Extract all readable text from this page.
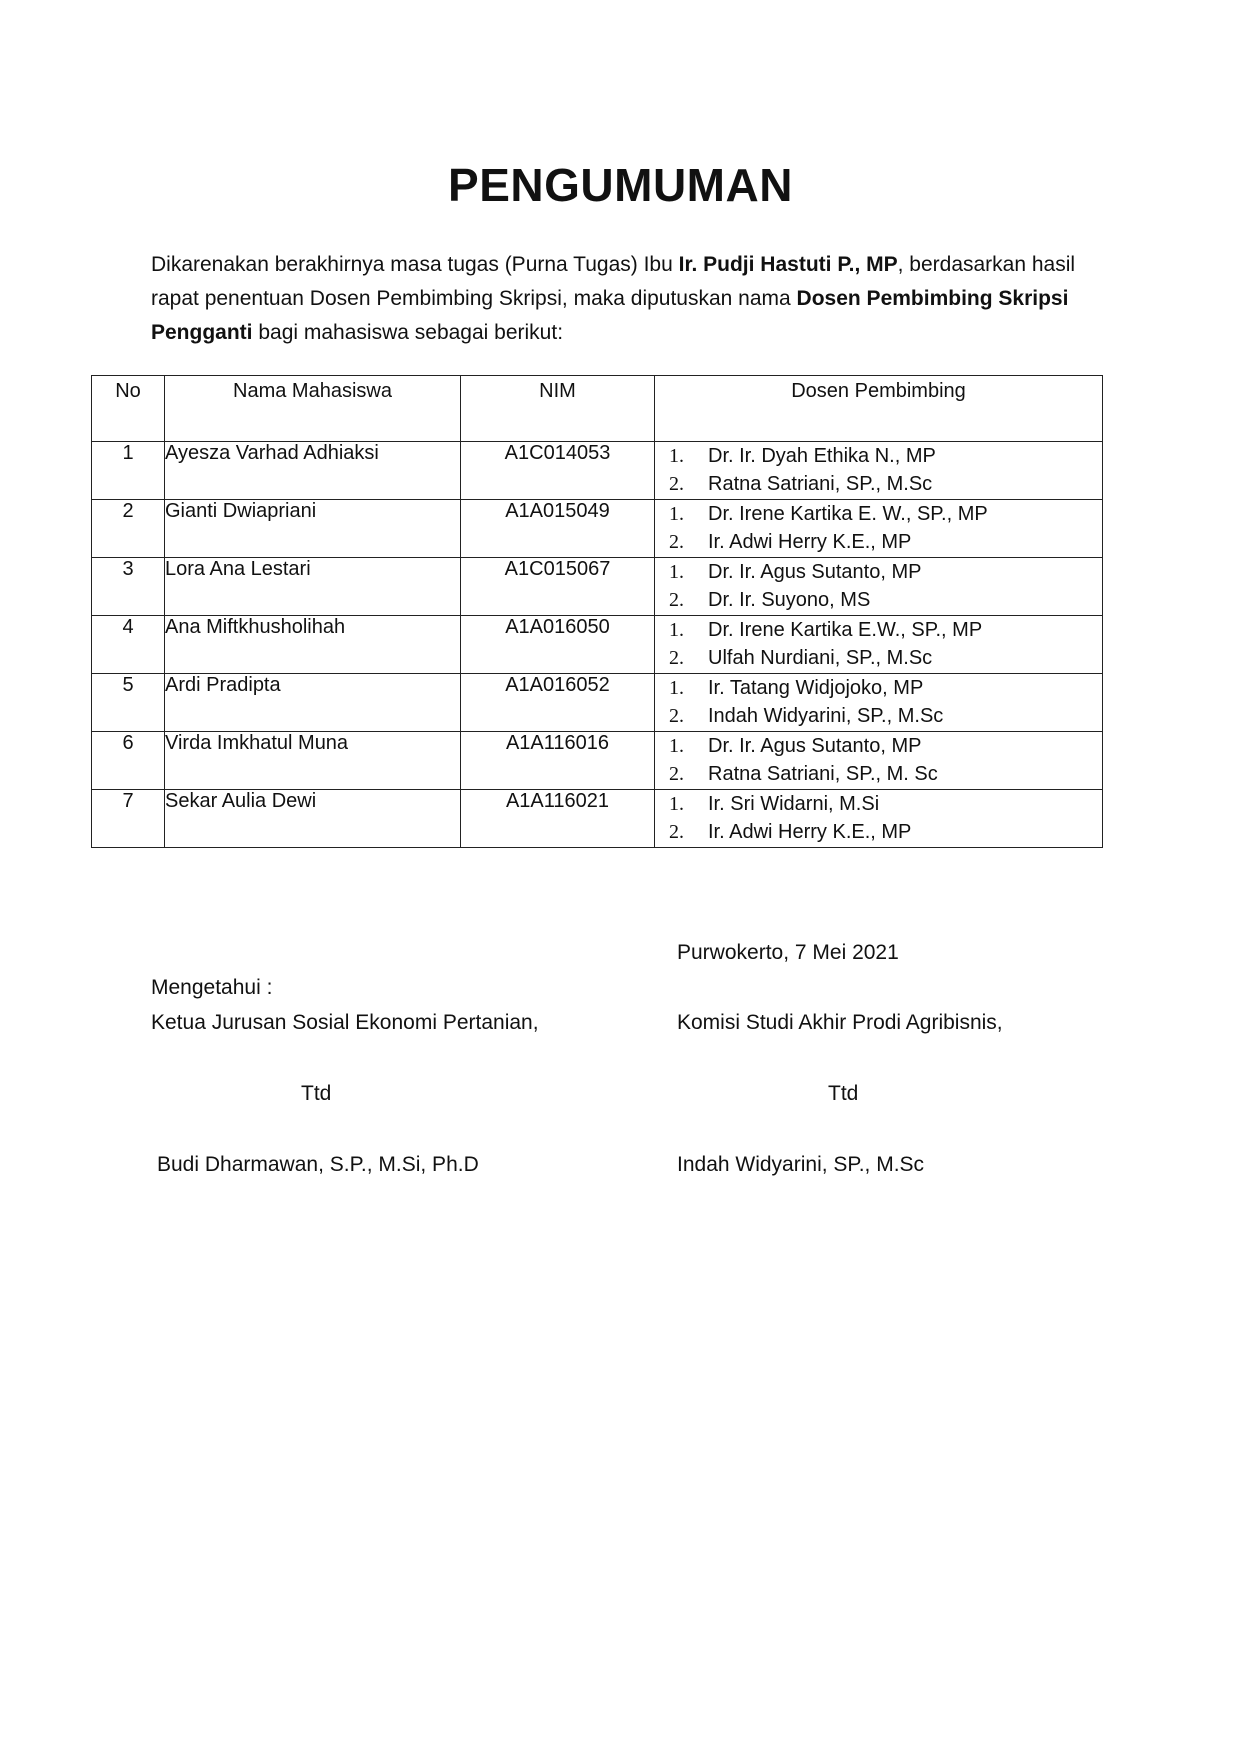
PENGUMUMAN
Dikarenakan berakhirnya masa tugas (Purna Tugas) Ibu Ir. Pudji Hastuti P., MP, berdasarkan hasil rapat penentuan Dosen Pembimbing Skripsi, maka diputuskan nama Dosen Pembimbing Skripsi Pengganti bagi mahasiswa sebagai berikut:
No	Nama Mahasiswa	NIM	Dosen Pembimbing
1	Ayesza Varhad Adhiaksi	A1C014053	1. Dr. Ir. Dyah Ethika N., MP
2. Ratna Satriani, SP., M.Sc

2	Gianti Dwiapriani	A1A015049	1. Dr. Irene Kartika E. W., SP., MP
2. Ir. Adwi Herry K.E., MP

3	Lora Ana Lestari	A1C015067	1. Dr. Ir. Agus Sutanto, MP
2. Dr. Ir. Suyono, MS

4	Ana Miftkhusholihah	A1A016050	1. Dr. Irene Kartika E.W., SP., MP
2. Ulfah Nurdiani, SP., M.Sc

5	Ardi Pradipta	A1A016052	1. Ir. Tatang Widjojoko, MP
2. Indah Widyarini, SP., M.Sc

6	Virda Imkhatul Muna	A1A116016	1. Dr. Ir. Agus Sutanto, MP
2. Ratna Satriani, SP., M. Sc

7	Sekar Aulia Dewi	A1A116021	1. Ir. Sri Widarni, M.Si
2. Ir. Adwi Herry K.E., MP
Purwokerto, 7 Mei 2021
Mengetahui :
Ketua Jurusan Sosial Ekonomi Pertanian,	Komisi Studi Akhir Prodi Agribisnis,
Ttd	Ttd
Budi Dharmawan, S.P., M.Si, Ph.D	Indah Widyarini, SP., M.Sc
